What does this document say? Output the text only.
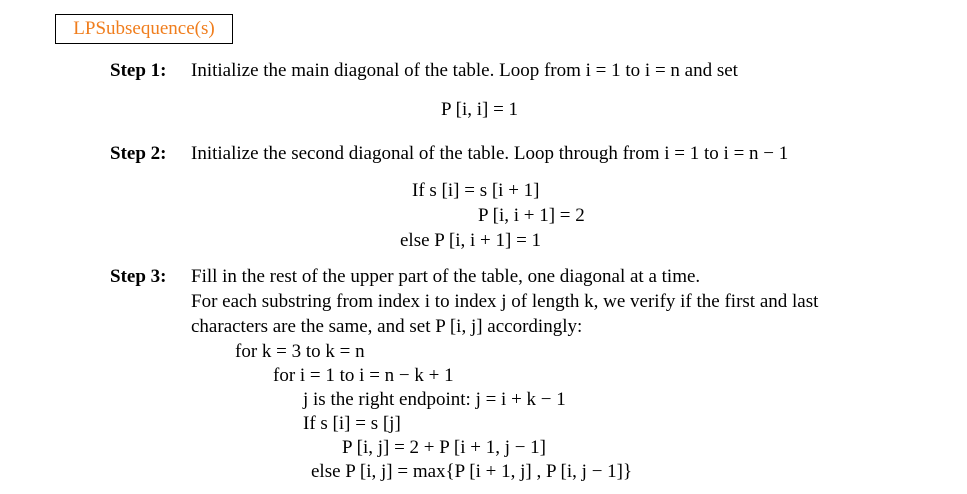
LPSubsequence(s)
Step 1: Initialize the main diagonal of the table. Loop from i = 1 to i = n and set
P [i, i] = 1
Step 2: Initialize the second diagonal of the table. Loop through from i = 1 to i = n − 1
If s [i] = s [i + 1]
P [i, i + 1] = 2
else P [i, i + 1] = 1
Step 3: Fill in the rest of the upper part of the table, one diagonal at a time.
For each substring from index i to index j of length k, we verify if the first and last
characters are the same, and set P [i, j] accordingly:
for k = 3 to k = n
for i = 1 to i = n − k + 1
j is the right endpoint: j = i + k − 1
If s [i] = s [j]
P [i, j] = 2 + P [i + 1, j − 1]
else P [i, j] = max{P [i + 1, j] , P [i, j − 1]}
